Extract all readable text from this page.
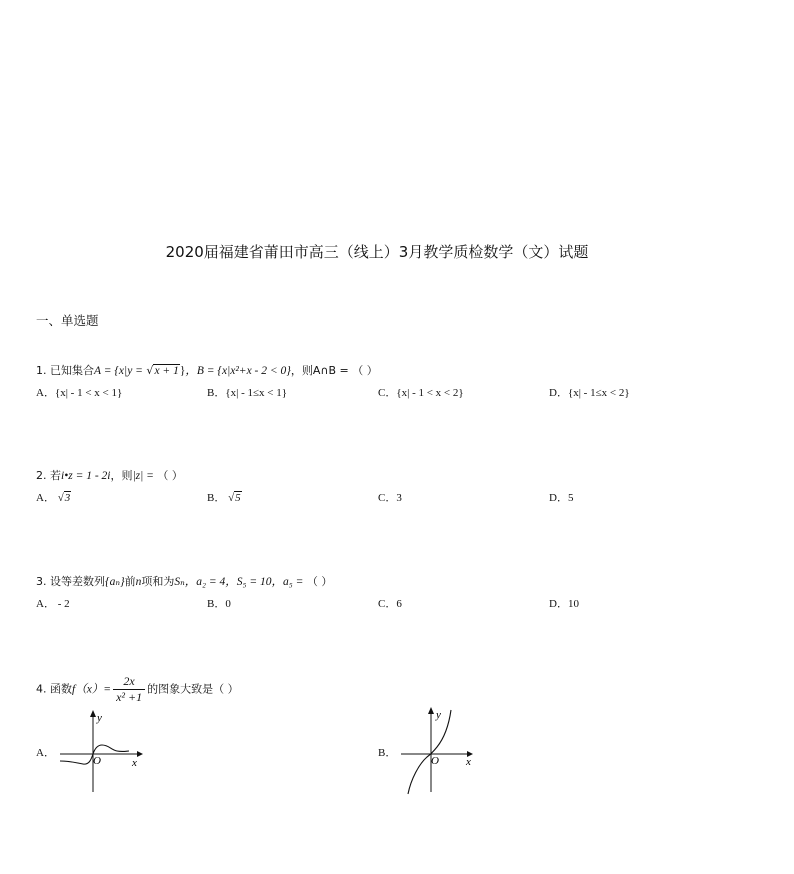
2020届福建省莆田市高三（线上）3月教学质检数学（文）试题
一、单选题
1. 已知集合A = {x|y = √x + 1}，B = {x|x²+x - 2 < 0}，则A∩B = （ ）
A．{x| - 1 < x < 1}	B．{x| - 1≤x < 1}	C．{x| - 1 < x < 2}	D．{x| - 1≤x < 2}
2. 若i•z = 1 - 2i，则|z| = （ ）
A． √3	B． √5	C．3	D．5
3. 设等差数列{aₙ}前n项和为Sₙ，a₂ = 4，S₅ = 10，a₅ = （ ）
A． - 2	B．0	C．6	D．10
4. 函数$f(x)= \frac{2x}{\text{x² +1}}$ 的图象大致是（ ）
A．
y
x
O
B．
y
x
O
